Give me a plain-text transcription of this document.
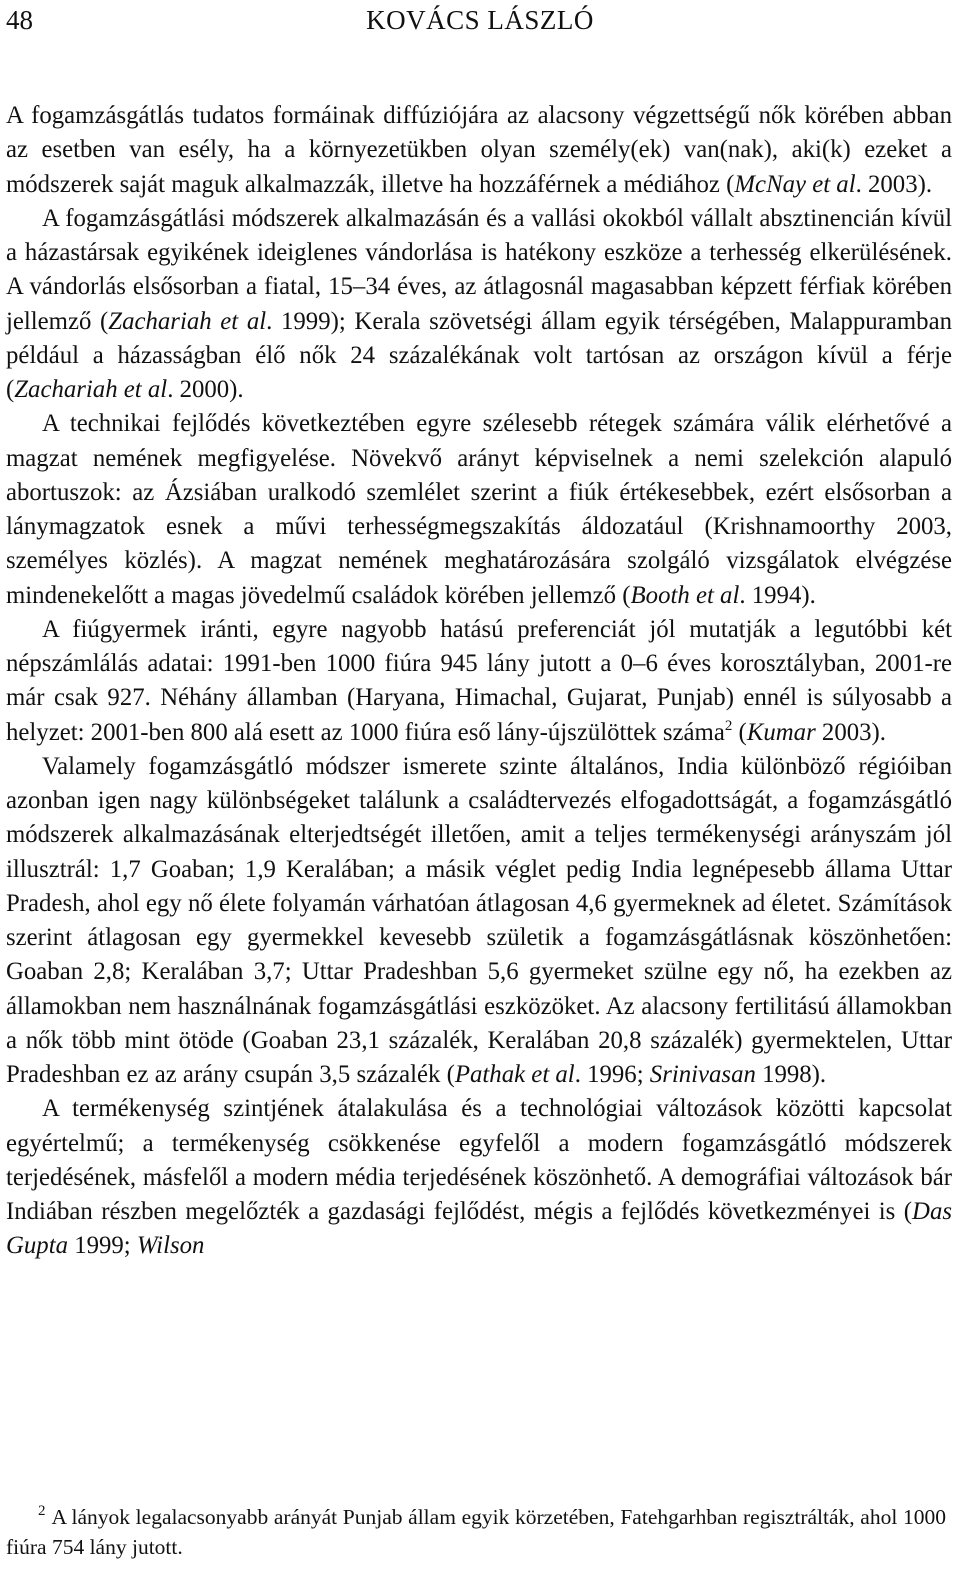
48	KOVÁCS LÁSZLÓ

A fogamzásgátlás tudatos formáinak diffúziójára az alacsony végzettségű nők körében abban az esetben van esély, ha a környezetükben olyan személy(ek) van(nak), aki(k) ezeket a módszerek saját maguk alkalmazzák, illetve ha hozzáférnek a médiához (McNay et al. 2003).

A fogamzásgátlási módszerek alkalmazásán és a vallási okokból vállalt absztinencián kívül a házastársak egyikének ideiglenes vándorlása is hatékony eszköze a terhesség elkerülésének. A vándorlás elsősorban a fiatal, 15–34 éves, az átlagosnál magasabban képzett férfiak körében jellemző (Zachariah et al. 1999); Kerala szövetségi állam egyik térségében, Malappuramban például a házasságban élő nők 24 százalékának volt tartósan az országon kívül a férje (Zachariah et al. 2000).

A technikai fejlődés következtében egyre szélesebb rétegek számára válik elérhetővé a magzat nemének megfigyelése. Növekvő arányt képviselnek a nemi szelekción alapuló abortuszok: az Ázsiában uralkodó szemlélet szerint a fiúk értékesebbek, ezért elsősorban a lánymagzatok esnek a művi terhességmegszakítás áldozatául (Krishnamoorthy 2003, személyes közlés). A magzat nemének meghatározására szolgáló vizsgálatok elvégzése mindenekelőtt a magas jövedelmű családok körében jellemző (Booth et al. 1994).

A fiúgyermek iránti, egyre nagyobb hatású preferenciát jól mutatják a legutóbbi két népszámlálás adatai: 1991-ben 1000 fiúra 945 lány jutott a 0–6 éves korosztályban, 2001-re már csak 927. Néhány államban (Haryana, Himachal, Gujarat, Punjab) ennél is súlyosabb a helyzet: 2001-ben 800 alá esett az 1000 fiúra eső lány-újszülöttek száma$^2$ (Kumar 2003).

Valamely fogamzásgátló módszer ismerete szinte általános, India különböző régióiban azonban igen nagy különbségeket találunk a családtervezés elfogadottságát, a fogamzásgátló módszerek alkalmazásának elterjedtségét illetően, amit a teljes termékenységi arányszám jól illusztrál: 1,7 Goaban; 1,9 Keralában; a másik véglet pedig India legnépesebb állama Uttar Pradesh, ahol egy nő élete folyamán várhatóan átlagosan 4,6 gyermeknek ad életet. Számítások szerint átlagosan egy gyermekkel kevesebb születik a fogamzásgátlásnak köszönhetően: Goaban 2,8; Keralában 3,7; Uttar Pradeshban 5,6 gyermeket szülne egy nő, ha ezekben az államokban nem használnának fogamzásgátlási eszközöket. Az alacsony fertilitású államokban a nők több mint ötöde (Goaban 23,1 százalék, Keralában 20,8 százalék) gyermektelen, Uttar Pradeshban ez az arány csupán 3,5 százalék (Pathak et al. 1996; Srinivasan 1998).

A termékenység szintjének átalakulása és a technológiai változások közötti kapcsolat egyértelmű; a termékenység csökkenése egyfelől a modern fogamzásgátló módszerek terjedésének, másfelől a modern média terjedésének köszönhető. A demográfiai változások bár Indiában részben megelőzték a gazdasági fejlődést, mégis a fejlődés következményei is (Das Gupta 1999; Wilson

$^2$ A lányok legalacsonyabb arányát Punjab állam egyik körzetében, Fatehgarhban regisztrálták, ahol 1000 fiúra 754 lány jutott.
